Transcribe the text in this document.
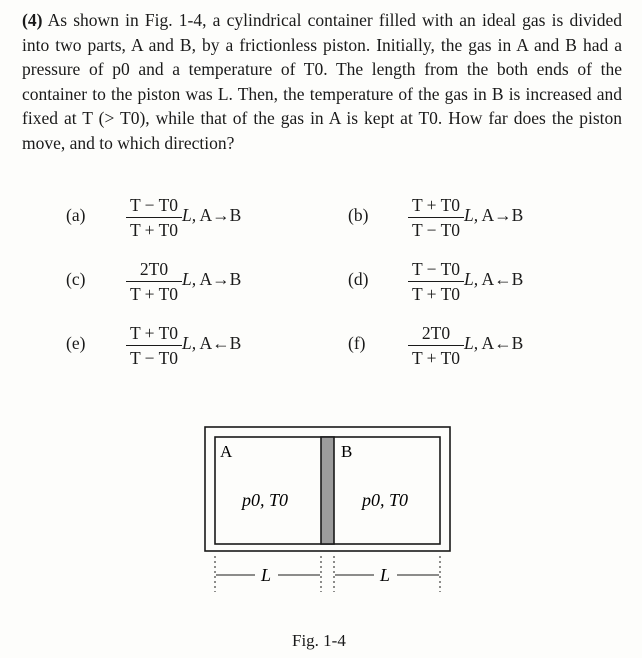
(4) As shown in Fig. 1-4, a cylindrical container filled with an ideal gas is divided into two parts, A and B, by a frictionless piston. Initially, the gas in A and B had a pressure of p0 and a temperature of T0. The length from the both ends of the container to the piston was L. Then, the temperature of the gas in B is increased and fixed at T (> T0), while that of the gas in A is kept at T0. How far does the piston move, and to which direction?
(a)	T − T0
T + T0
L, A→B	(b) T + T0
T − T0
L, A→B
(c)	2T0
T + T0
L, A→B	(d) T − T0
T + T0
L, A←B
(e)	T + T0
T − T0
L, A←B	(f)	2T0
T + T0
L, A←B
A	B
p0, T0	p0, T0
L	L
Fig. 1-4
